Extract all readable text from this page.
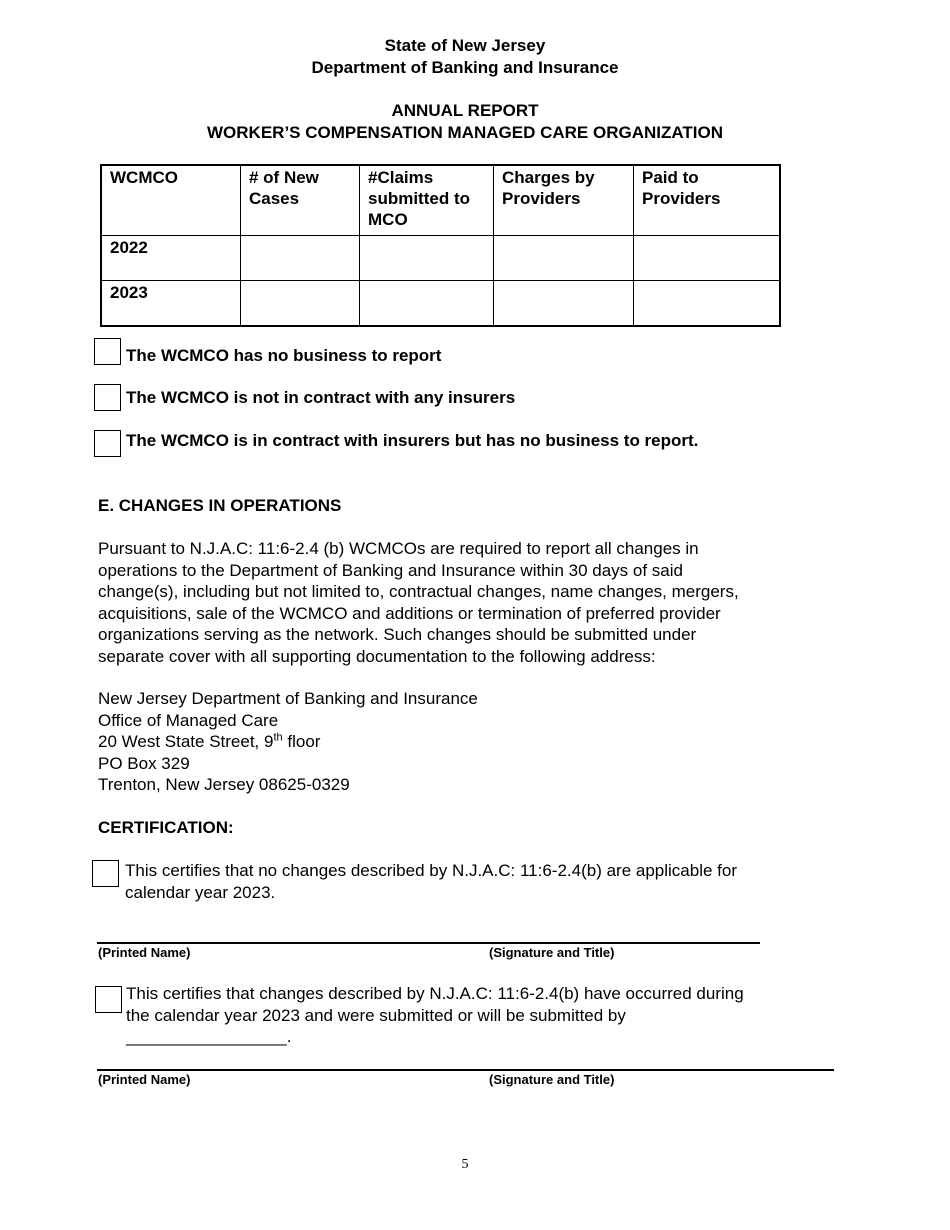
State of New Jersey
Department of Banking and Insurance
ANNUAL REPORT
WORKER’S COMPENSATION MANAGED CARE ORGANIZATION
WCMCO	# of New Cases	#Claims submitted to MCO	Charges by Providers	Paid to Providers
2022				
2023				
The WCMCO has no business to report
The WCMCO is not in contract with any insurers
The WCMCO is in contract with insurers but has no business to report.
E. CHANGES IN OPERATIONS
Pursuant to N.J.A.C: 11:6-2.4 (b) WCMCOs are required to report all changes in
operations to the Department of Banking and Insurance within 30 days of said
change(s), including but not limited to, contractual changes, name changes, mergers,
acquisitions, sale of the WCMCO and additions or termination of preferred provider
organizations serving as the network. Such changes should be submitted under
separate cover with all supporting documentation to the following address:
New Jersey Department of Banking and Insurance
Office of Managed Care
20 West State Street, 9th floor
PO Box 329
Trenton, New Jersey 08625-0329
CERTIFICATION:
This certifies that no changes described by N.J.A.C: 11:6-2.4(b) are applicable for
calendar year 2023.
(Printed Name)	(Signature and Title)
This certifies that changes described by N.J.A.C: 11:6-2.4(b) have occurred during
the calendar year 2023 and were submitted or will be submitted by
_________________.
(Printed Name)	(Signature and Title)
5
